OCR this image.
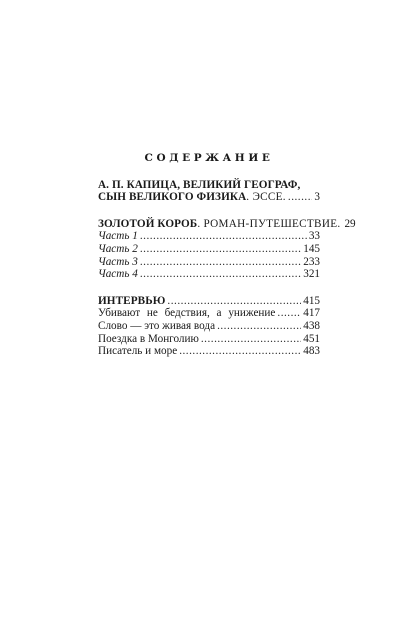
СОДЕРЖАНИЕ
А. П. КАПИЦА, ВЕЛИКИЙ ГЕОГРАФ,
СЫН ВЕЛИКОГО ФИЗИКА. ЭССЕ. .....	3
ЗОЛОТОЙ КОРОБ. РОМАН-ПУТЕШЕСТВИЕ. 29
Часть 1 .....	33
Часть 2 .....	145
Часть 3 .....	233
Часть 4 .....	321
ИНТЕРВЬЮ .....	415
Убивают не бедствия, а унижение ..... 417
Слово — это живая вода .....	438
Поездка в Монголию .....	451
Писатель и море .....	483
